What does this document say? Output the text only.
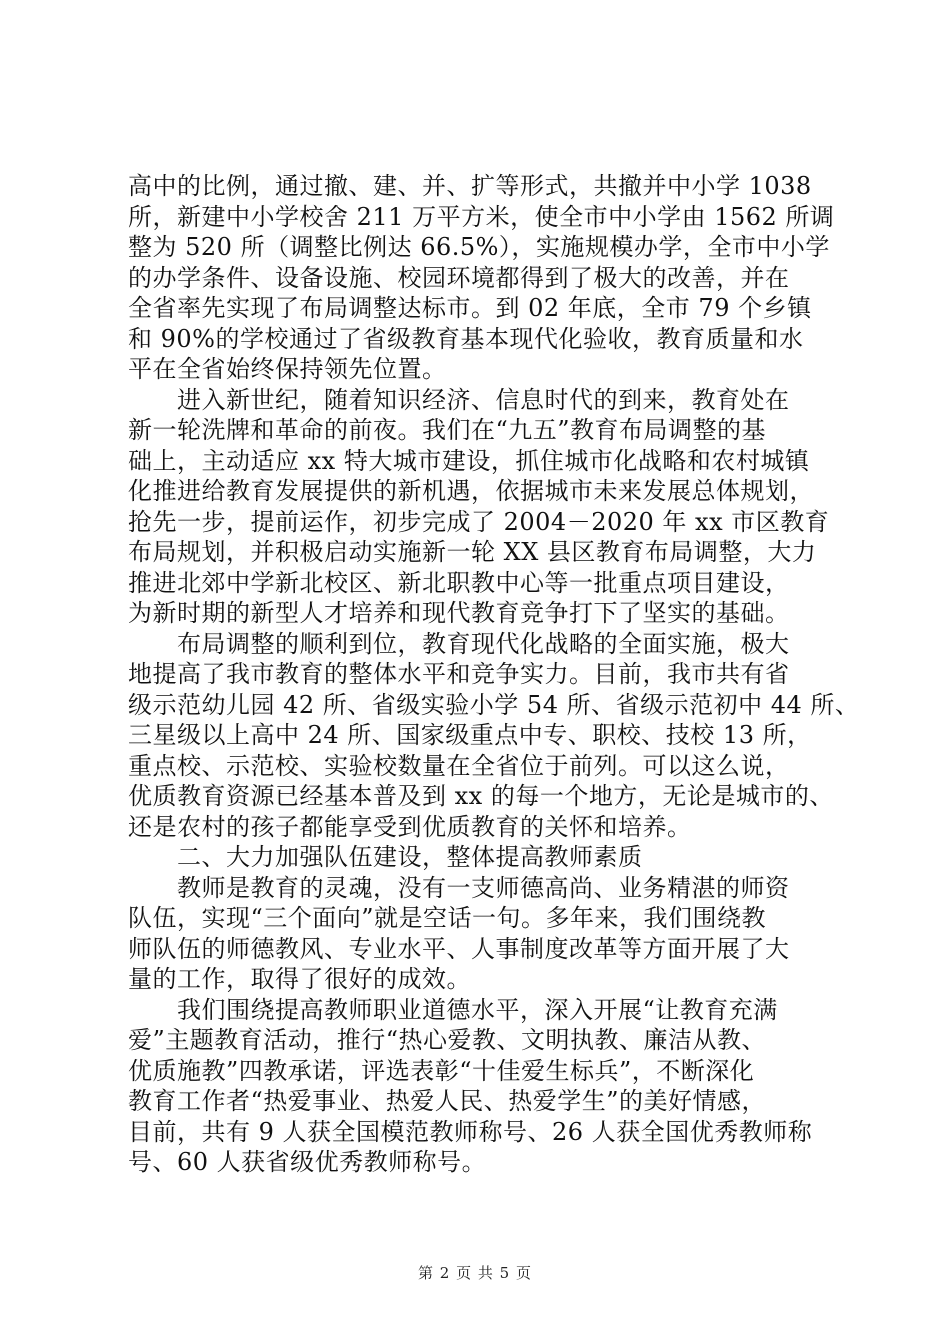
高中的比例，通过撤、建、并、扩等形式，共撤并中小学 1038
所，新建中小学校舍 211 万平方米，使全市中小学由 1562 所调
整为 520 所（调整比例达 66.5%），实施规模办学，全市中小学
的办学条件、设备设施、校园环境都得到了极大的改善，并在
全省率先实现了布局调整达标市。到 02 年底，全市 79 个乡镇
和 90%的学校通过了省级教育基本现代化验收，教育质量和水
平在全省始终保持领先位置。
　　进入新世纪，随着知识经济、信息时代的到来，教育处在
新一轮洗牌和革命的前夜。我们在“九五”教育布局调整的基
础上，主动适应 xx 特大城市建设，抓住城市化战略和农村城镇
化推进给教育发展提供的新机遇，依据城市未来发展总体规划，
抢先一步，提前运作，初步完成了 2004－2020 年 xx 市区教育
布局规划，并积极启动实施新一轮 XX 县区教育布局调整，大力
推进北郊中学新北校区、新北职教中心等一批重点项目建设，
为新时期的新型人才培养和现代教育竞争打下了坚实的基础。
　　布局调整的顺利到位，教育现代化战略的全面实施，极大
地提高了我市教育的整体水平和竞争实力。目前，我市共有省
级示范幼儿园 42 所、省级实验小学 54 所、省级示范初中 44 所、
三星级以上高中 24 所、国家级重点中专、职校、技校 13 所，
重点校、示范校、实验校数量在全省位于前列。可以这么说，
优质教育资源已经基本普及到 xx 的每一个地方，无论是城市的、
还是农村的孩子都能享受到优质教育的关怀和培养。
　　二、大力加强队伍建设，整体提高教师素质
　　教师是教育的灵魂，没有一支师德高尚、业务精湛的师资
队伍，实现“三个面向”就是空话一句。多年来，我们围绕教
师队伍的师德教风、专业水平、人事制度改革等方面开展了大
量的工作，取得了很好的成效。
　　我们围绕提高教师职业道德水平，深入开展“让教育充满
爱”主题教育活动，推行“热心爱教、文明执教、廉洁从教、
优质施教”四教承诺，评选表彰“十佳爱生标兵”，不断深化
教育工作者“热爱事业、热爱人民、热爱学生”的美好情感，
目前，共有 9 人获全国模范教师称号、26 人获全国优秀教师称
号、60 人获省级优秀教师称号。
第 2 页 共 5 页
